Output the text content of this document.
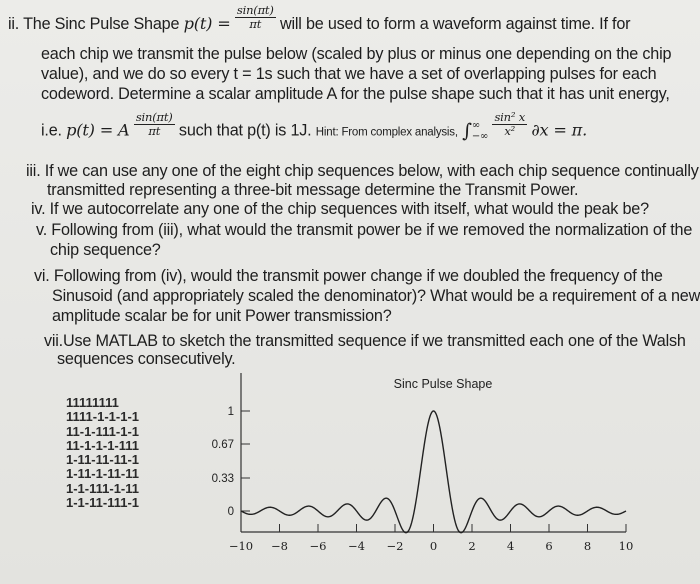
ii. The Sinc Pulse Shape $p(t) = \frac{\sin(\pi t)}{\pi t}$ will be used to form a waveform against time. If for
each chip we transmit the pulse below (scaled by plus or minus one depending on the chip
value), and we do so every t = 1s such that we have a set of overlapping pulses for each
codeword. Determine a scalar amplitude A for the pulse shape such that it has unit energy,
i.e. p(t) = A $\frac{\sin(\pi t)}{\pi t}$ such that p(t) is 1J. Hint: From complex analysis, ∫ ∞
−∞
$\frac{\text{sin² x}}{\text{x²}} \partial x = \pi$.
iii. If we can use any one of the eight chip sequences below, with each chip sequence continually
transmitted representing a three-bit message determine the Transmit Power.
iv. If we autocorrelate any one of the chip sequences with itself, what would the peak be?
v. Following from (iii), what would the transmit power be if we removed the normalization of the
chip sequence?
vi. Following from (iv), would the transmit power change if we doubled the frequency of the
Sinusoid (and appropriately scaled the denominator)? What would be a requirement of a new
amplitude scalar be for unit Power transmission?
vii.Use MATLAB to sketch the transmitted sequence if we transmitted each one of the Walsh
sequences consecutively.
11111111
1111-1-1-1-1
11-1-111-1-1
11-1-1-1-111
1-11-11-11-1
1-11-1-11-11
1-1-111-1-11
1-1-11-111-1
Sinc Pulse Shape
0
0.33
0.67
1
−10 −8 −6 −4 −2 0	2	4	6	8 10
